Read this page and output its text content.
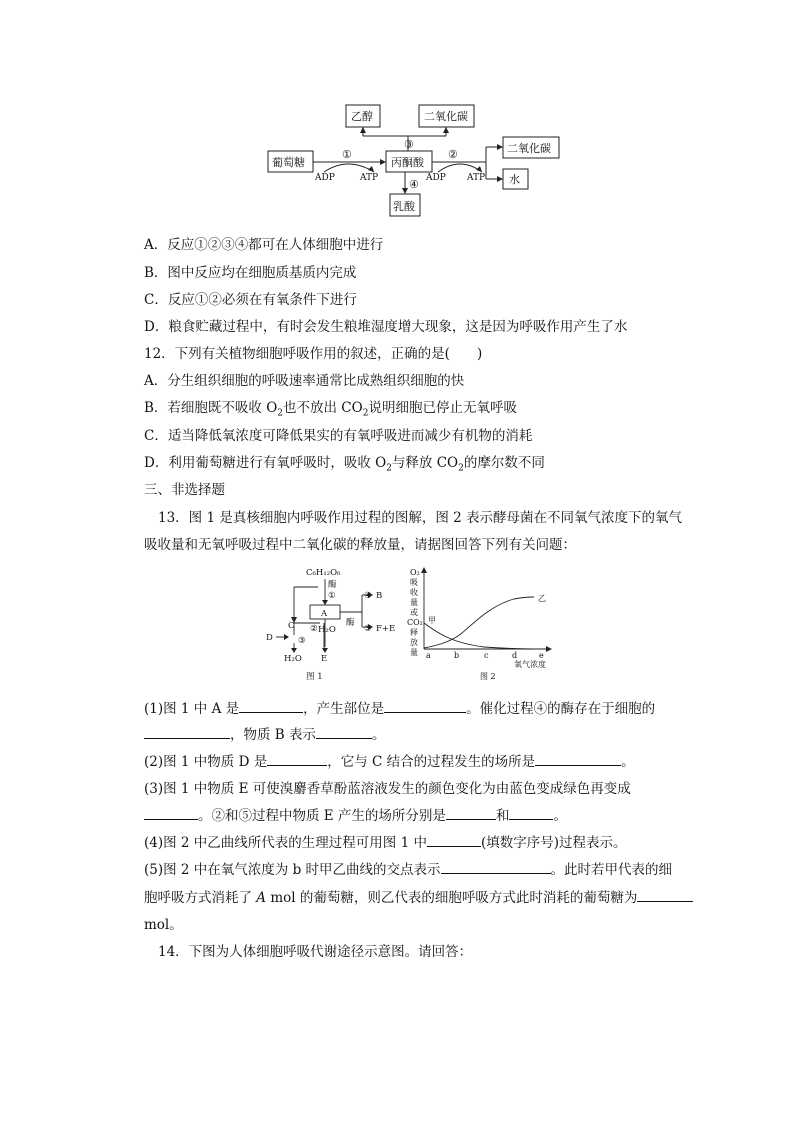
乙醇	二氧化碳
葡萄糖	丙酮酸
二氧化碳
水
乳酸
①	②
③
④
ADP	ATP	ADP ATP
A．反应①②③④都可在人体细胞中进行
B．图中反应均在细胞质基质内完成
C．反应①②必须在有氧条件下进行
D．粮食贮藏过程中，有时会发生粮堆湿度增大现象，这是因为呼吸作用产生了水
12．下列有关植物细胞呼吸作用的叙述，正确的是(　　)
A．分生组织细胞的呼吸速率通常比成熟组织细胞的快
B．若细胞既不吸收 $O_2$也不放出 $CO_2$说明细胞已停止无氧呼吸
C．适当降低氧浓度可降低果实的有氧呼吸进而减少有机物的消耗
D．利用葡萄糖进行有氧呼吸时，吸收 $O_2$与释放 $CO_2$的摩尔数不同
三、非选择题
13．图 1 是真核细胞内呼吸作用过程的图解，图 2 表示酵母菌在不同氧气浓度下的氧气
吸收量和无氧呼吸过程中二氧化碳的释放量，请据图回答下列有关问题：
C₆H₁₂O₆
酶
①
A
④ B
酶
⑤ F+E
C ② H₂O
D	③
H₂O E
图 1
O₂
吸
收
量
或
CO₂
释
放
量
甲
乙
a	b	c	d	e
氧气浓度
图 2
(1)图 1 中 A 是	，产生部位是	。催化过程④的酶存在于细胞的
，物质 B 表示	。
(2)图 1 中物质 D 是	，它与 C 结合的过程发生的场所是	。
(3)图 1 中物质 E 可使溴麝香草酚蓝溶液发生的颜色变化为由蓝色变成绿色再变成
。②和⑤过程中物质 E 产生的场所分别是	和	。
(4)图 2 中乙曲线所代表的生理过程可用图 1 中	(填数字序号)过程表示。
(5)图 2 中在氧气浓度为 b 时甲乙曲线的交点表示	。此时若甲代表的细
胞呼吸方式消耗了 A mol 的葡萄糖，则乙代表的细胞呼吸方式此时消耗的葡萄糖为
mol。
14．下图为人体细胞呼吸代谢途径示意图。请回答：
